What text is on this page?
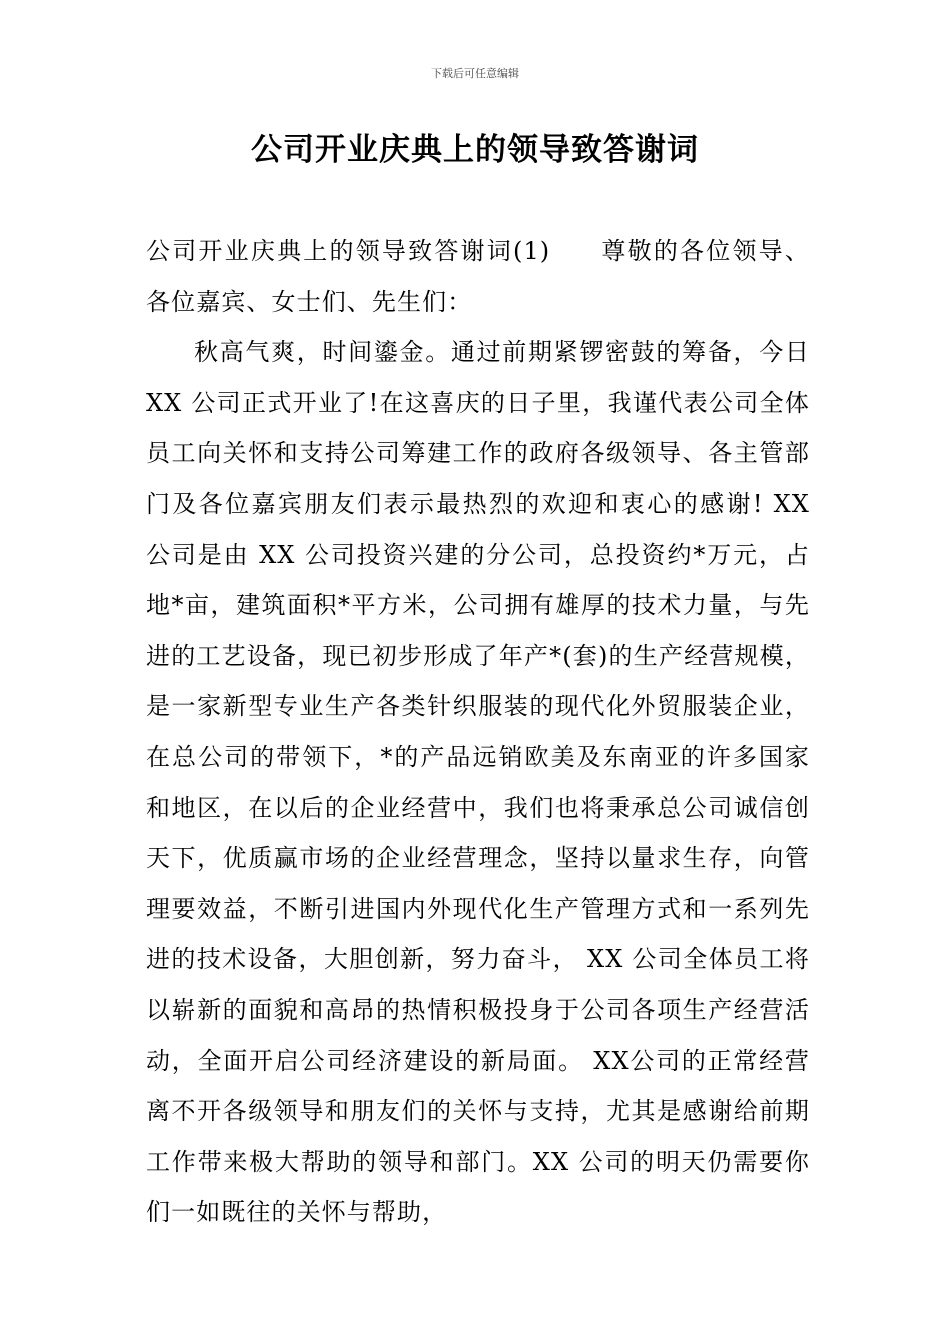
下载后可任意编辑
公司开业庆典上的领导致答谢词

公司开业庆典上的领导致答谢词(1) 尊敬的各位领导、各位嘉宾、女士们、先生们：

秋高气爽，时间鎏金。通过前期紧锣密鼓的筹备，今日 XX 公司正式开业了!在这喜庆的日子里，我谨代表公司全体员工向关怀和支持公司筹建工作的政府各级领导、各主管部门及各位嘉宾朋友们表示最热烈的欢迎和衷心的感谢! XX 公司是由 XX 公司投资兴建的分公司，总投资约*万元，占地*亩，建筑面积*平方米，公司拥有雄厚的技术力量，与先进的工艺设备，现已初步形成了年产*(套)的生产经营规模，是一家新型专业生产各类针织服装的现代化外贸服装企业，在总公司的带领下，*的产品远销欧美及东南亚的许多国家和地区，在以后的企业经营中，我们也将秉承总公司诚信创天下，优质赢市场的企业经营理念，坚持以量求生存，向管理要效益，不断引进国内外现代化生产管理方式和一系列先进的技术设备，大胆创新，努力奋斗， XX 公司全体员工将以崭新的面貌和高昂的热情积极投身于公司各项生产经营活动，全面开启公司经济建设的新局面。 XX公司的正常经营离不开各级领导和朋友们的关怀与支持，尤其是感谢给前期工作带来极大帮助的领导和部门。XX 公司的明天仍需要你们一如既往的关怀与帮助，
